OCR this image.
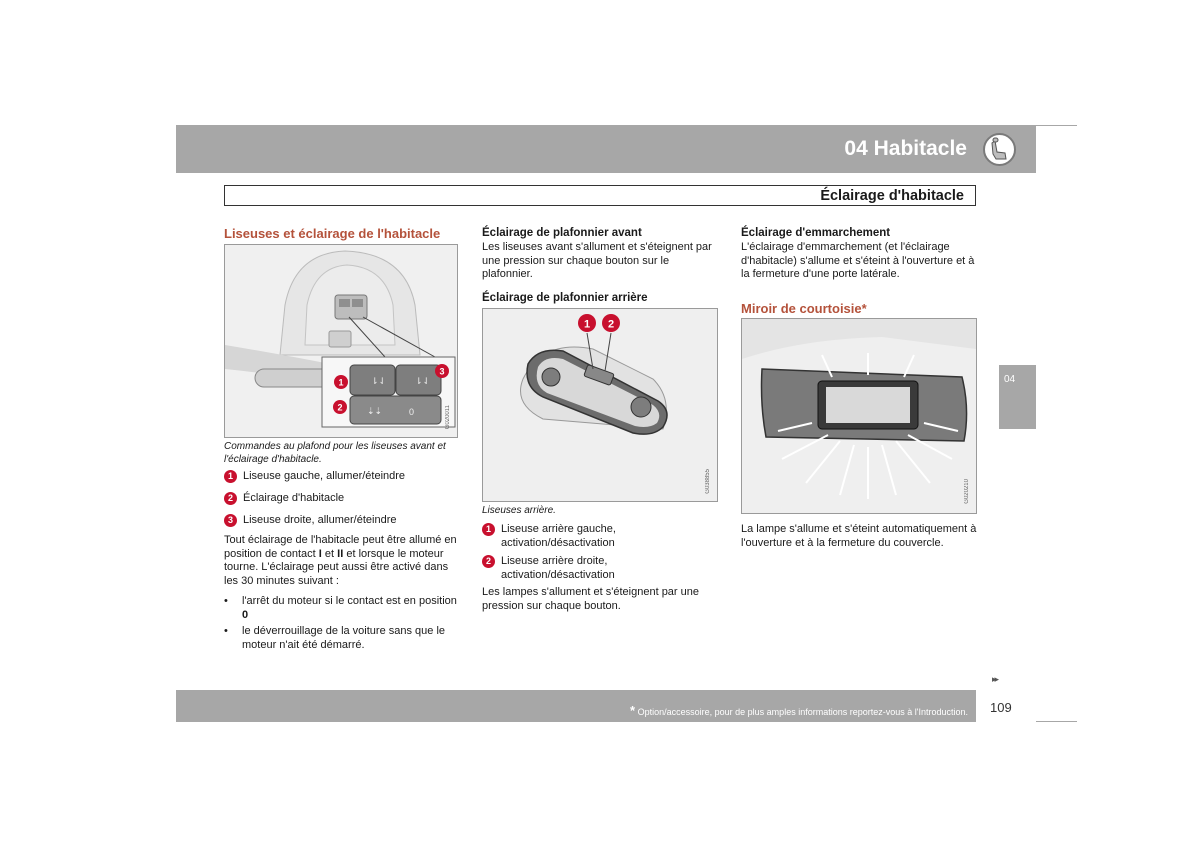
04 Habitacle
Éclairage d'habitacle
Liseuses et éclairage de l'habitacle
⇂⇃	⇂⇃
⇣⇣
1
2
3
0	G020011
Commandes au plafond pour les liseuses avant et l'éclairage d'habitacle.
1 Liseuse gauche, allumer/éteindre
2 Éclairage d'habitacle
3 Liseuse droite, allumer/éteindre
Tout éclairage de l'habitacle peut être allumé en position de contact I et II et lorsque le moteur tourne. L'éclairage peut aussi être activé dans les 30 minutes suivant :
•	l'arrêt du moteur si le contact est en position 0
•	le déverrouillage de la voiture sans que le moteur n'ait été démarré.
Éclairage de plafonnier avant
Les liseuses avant s'allument et s'éteignent par une pression sur chaque bouton sur le plafonnier.
Éclairage de plafonnier arrière
1 2
G038855
Liseuses arrière.
1 Liseuse arrière gauche, activation/désactivation
2 Liseuse arrière droite, activation/désactivation
Les lampes s'allument et s'éteignent par une pression sur chaque bouton.
Éclairage d'emmarchement
L'éclairage d'emmarchement (et l'éclairage d'habitacle) s'allume et s'éteint à l'ouverture et à la fermeture d'une porte latérale.
Miroir de courtoisie*
G020210
La lampe s'allume et s'éteint automatiquement à l'ouverture et à la fermeture du couvercle.
04
▸▸
* Option/accessoire, pour de plus amples informations reportez-vous à l'Introduction. 109
